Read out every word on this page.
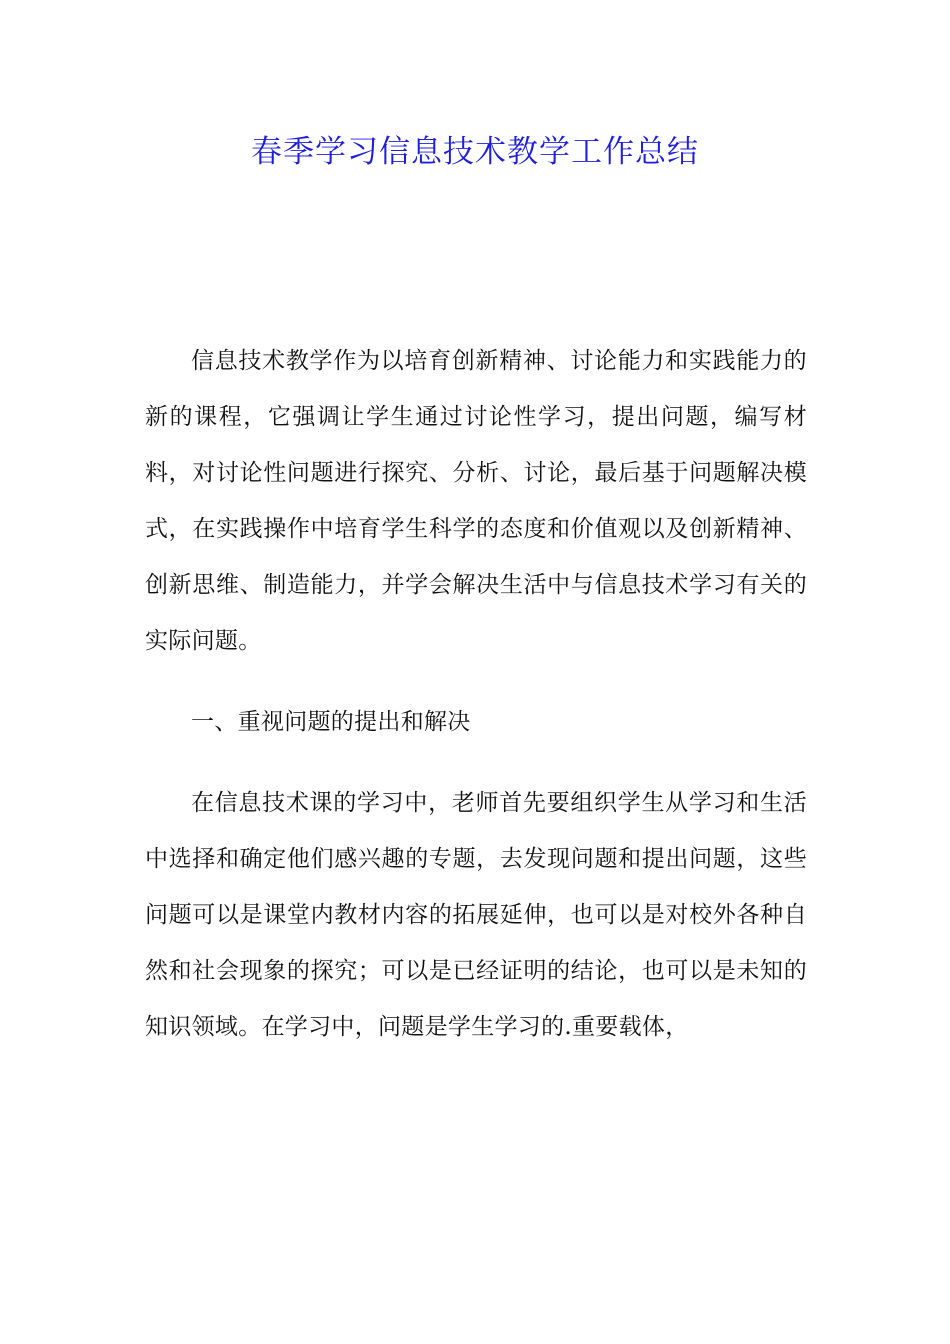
春季学习信息技术教学工作总结

信息技术教学作为以培育创新精神、讨论能力和实践能力的新的课程，它强调让学生通过讨论性学习，提出问题，编写材料，对讨论性问题进行探究、分析、讨论，最后基于问题解决模式，在实践操作中培育学生科学的态度和价值观以及创新精神、创新思维、制造能力，并学会解决生活中与信息技术学习有关的实际问题。

一、重视问题的提出和解决

在信息技术课的学习中，老师首先要组织学生从学习和生活中选择和确定他们感兴趣的专题，去发现问题和提出问题，这些问题可以是课堂内教材内容的拓展延伸，也可以是对校外各种自然和社会现象的探究；可以是已经证明的结论，也可以是未知的知识领域。在学习中，问题是学生学习的.重要载体，
